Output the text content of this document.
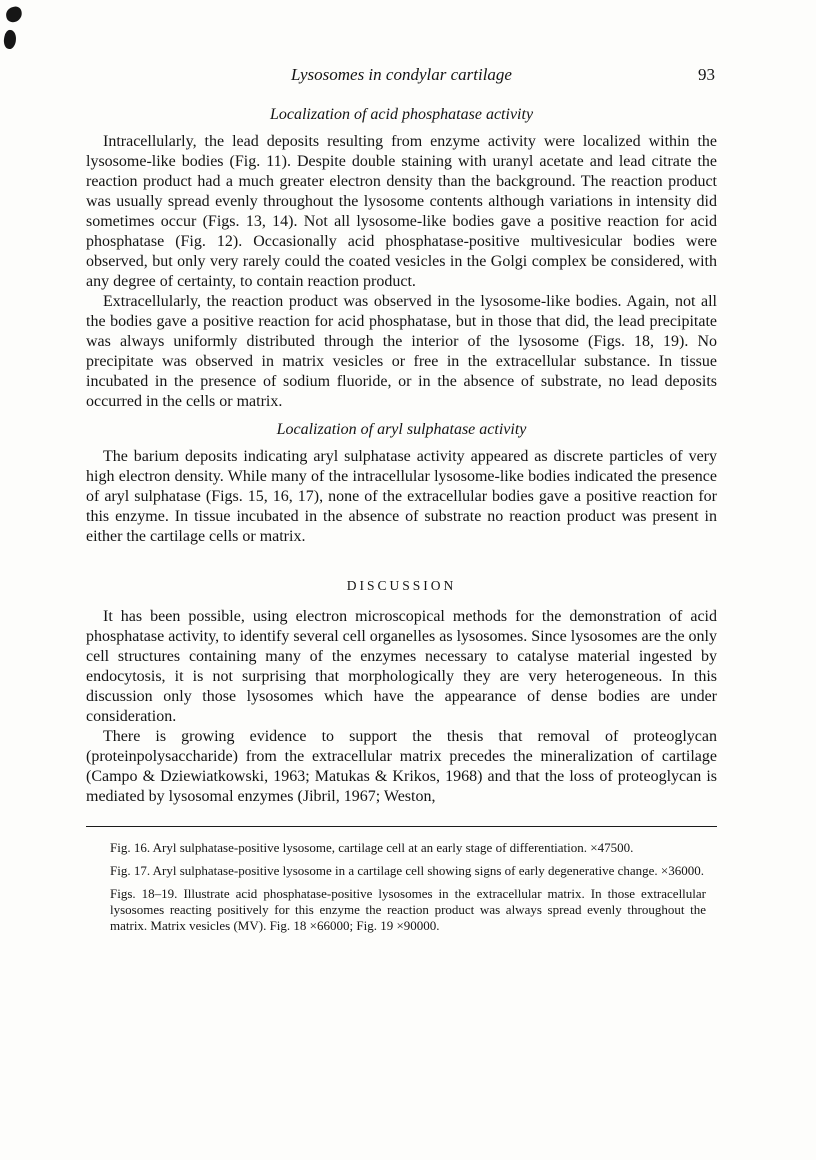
Lysosomes in condylar cartilage	93
Localization of acid phosphatase activity

Intracellularly, the lead deposits resulting from enzyme activity were localized within the lysosome-like bodies (Fig. 11). Despite double staining with uranyl acetate and lead citrate the reaction product had a much greater electron density than the background. The reaction product was usually spread evenly throughout the lysosome contents although variations in intensity did sometimes occur (Figs. 13, 14). Not all lysosome-like bodies gave a positive reaction for acid phosphatase (Fig. 12). Occasionally acid phosphatase-positive multivesicular bodies were observed, but only very rarely could the coated vesicles in the Golgi complex be considered, with any degree of certainty, to contain reaction product.

Extracellularly, the reaction product was observed in the lysosome-like bodies. Again, not all the bodies gave a positive reaction for acid phosphatase, but in those that did, the lead precipitate was always uniformly distributed through the interior of the lysosome (Figs. 18, 19). No precipitate was observed in matrix vesicles or free in the extracellular substance. In tissue incubated in the presence of sodium fluoride, or in the absence of substrate, no lead deposits occurred in the cells or matrix.

Localization of aryl sulphatase activity

The barium deposits indicating aryl sulphatase activity appeared as discrete particles of very high electron density. While many of the intracellular lysosome-like bodies indicated the presence of aryl sulphatase (Figs. 15, 16, 17), none of the extracellular bodies gave a positive reaction for this enzyme. In tissue incubated in the absence of substrate no reaction product was present in either the cartilage cells or matrix.

DISCUSSION

It has been possible, using electron microscopical methods for the demonstration of acid phosphatase activity, to identify several cell organelles as lysosomes. Since lysosomes are the only cell structures containing many of the enzymes necessary to catalyse material ingested by endocytosis, it is not surprising that morphologically they are very heterogeneous. In this discussion only those lysosomes which have the appearance of dense bodies are under consideration.

There is growing evidence to support the thesis that removal of proteoglycan (proteinpolysaccharide) from the extracellular matrix precedes the mineralization of cartilage (Campo & Dziewiatkowski, 1963; Matukas & Krikos, 1968) and that the loss of proteoglycan is mediated by lysosomal enzymes (Jibril, 1967; Weston,

Fig. 16. Aryl sulphatase-positive lysosome, cartilage cell at an early stage of differentiation. ×47500.

Fig. 17. Aryl sulphatase-positive lysosome in a cartilage cell showing signs of early degenerative change. ×36000.

Figs. 18–19. Illustrate acid phosphatase-positive lysosomes in the extracellular matrix. In those extracellular lysosomes reacting positively for this enzyme the reaction product was always spread evenly throughout the matrix. Matrix vesicles (MV). Fig. 18 ×66000; Fig. 19 ×90000.
